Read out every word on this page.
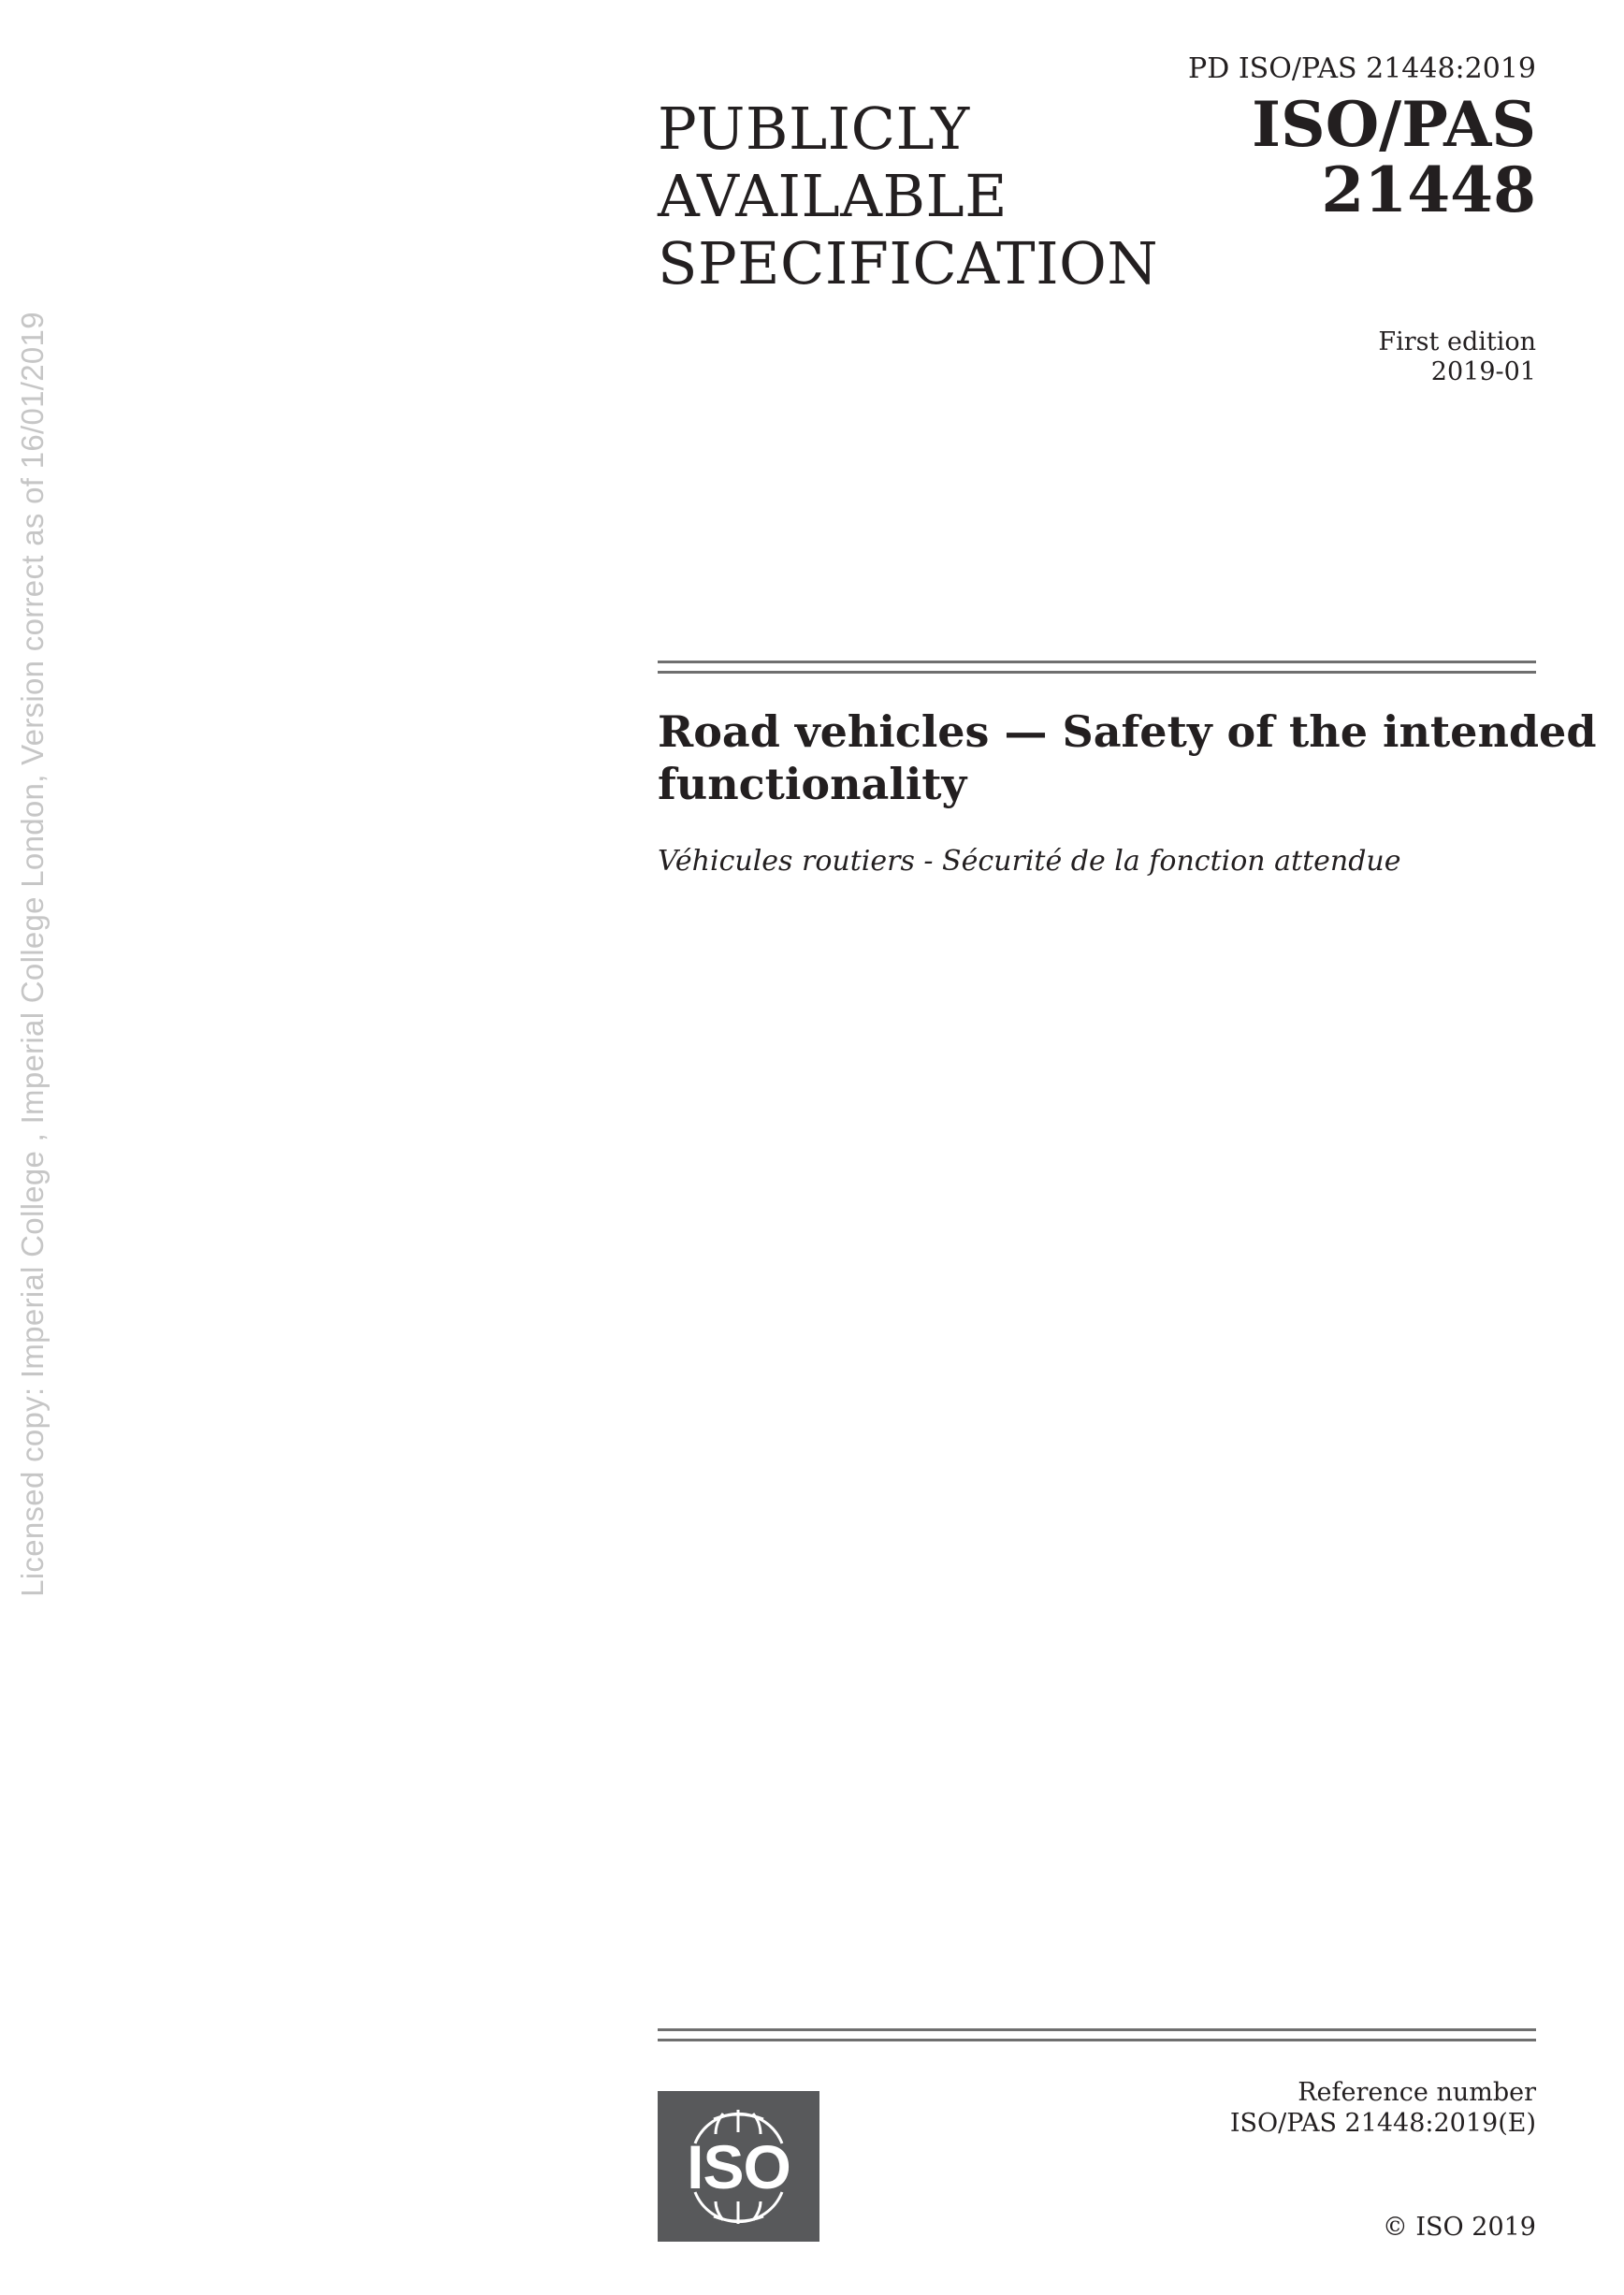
Licensed copy: Imperial College , Imperial College London, Version correct as of 16/01/2019
PD ISO/PAS 21448:2019
PUBLICLY
AVAILABLE
SPECIFICATION
ISO/PAS
21448
First edition
2019-01
Road vehicles — Safety of the intended
functionality
Véhicules routiers - Sécurité de la fonction attendue
ISO
Reference number
ISO/PAS 21448:2019(E)
© ISO 2019
